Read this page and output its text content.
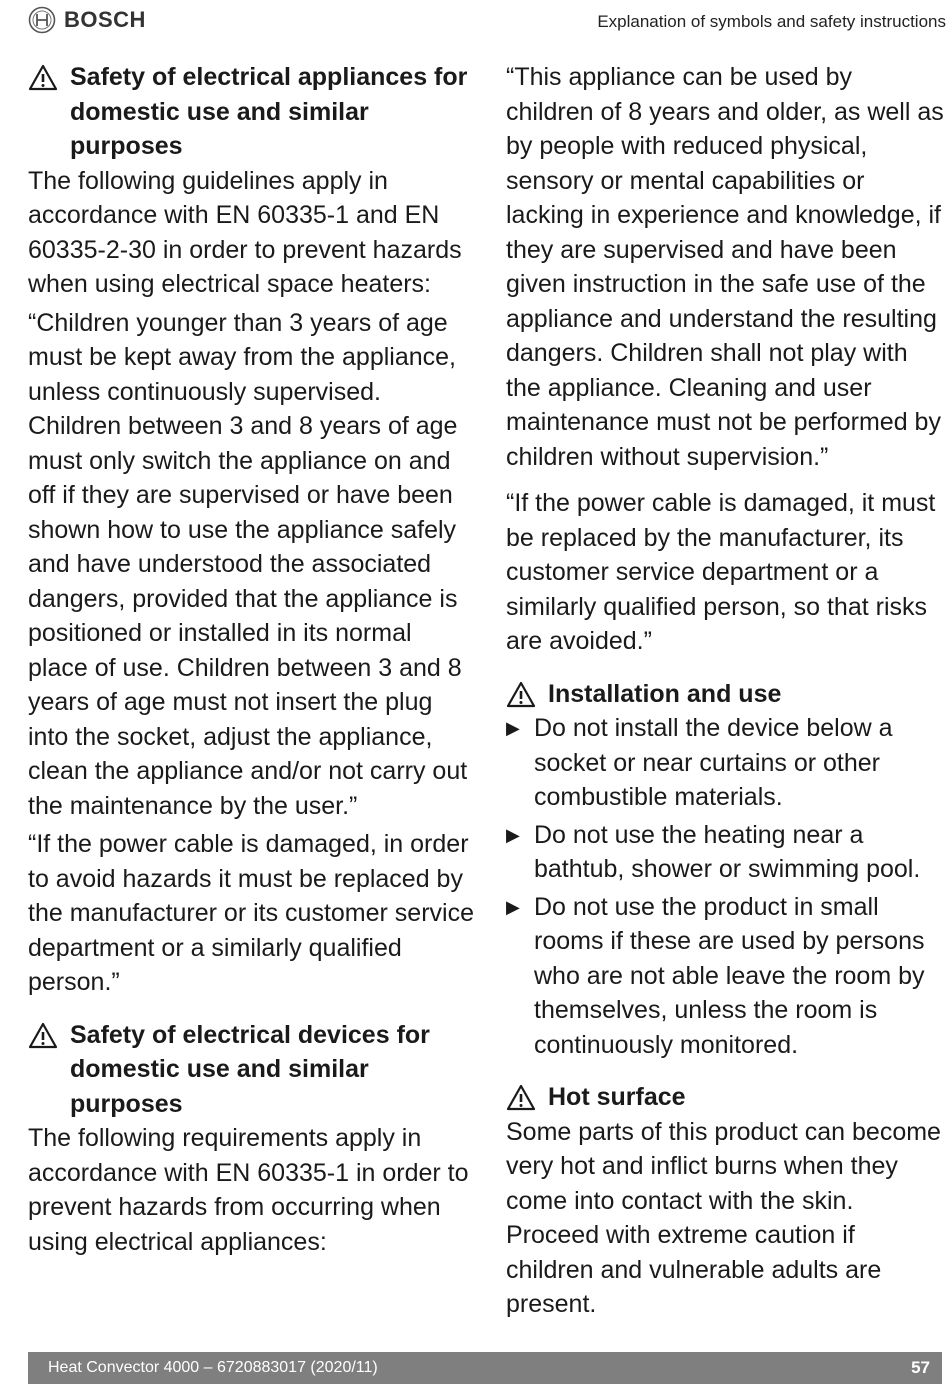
BOSCH	Explanation of symbols and safety instructions
Safety of electrical appliances for domestic use and similar purposes

The following guidelines apply in accordance with EN 60335-1 and EN 60335-2-30 in order to prevent hazards when using electrical space heaters:

“Children younger than 3 years of age must be kept away from the appliance, unless continuously supervised. Children between 3 and 8 years of age must only switch the appliance on and off if they are supervised or have been shown how to use the appliance safely and have understood the associated dangers, provided that the appliance is positioned or installed in its normal place of use. Children between 3 and 8 years of age must not insert the plug into the socket, adjust the appliance, clean the appliance and/or not carry out the maintenance by the user.”

“If the power cable is damaged, in order to avoid hazards it must be replaced by the manufacturer or its customer service department or a similarly qualified person.”

Safety of electrical devices for domestic use and similar purposes

The following requirements apply in accordance with EN 60335-1 in order to prevent hazards from occurring when using electrical appliances:

“This appliance can be used by children of 8 years and older, as well as by people with reduced physical, sensory or mental capabilities or lacking in experience and knowledge, if they are supervised and have been given instruction in the safe use of the appliance and understand the resulting dangers. Children shall not play with the appliance. Cleaning and user maintenance must not be performed by children without supervision.”

“If the power cable is damaged, it must be replaced by the manufacturer, its customer service department or a similarly qualified person, so that risks are avoided.”

Installation and use
▶ Do not install the device below a socket or near curtains or other combustible materials.
▶ Do not use the heating near a bathtub, shower or swimming pool.
▶ Do not use the product in small rooms if these are used by persons who are not able leave the room by themselves, unless the room is continuously monitored.
Hot surface

Some parts of this product can become very hot and inflict burns when they come into contact with the skin. Proceed with extreme caution if children and vulnerable adults are present.

Heat Convector 4000 – 6720883017 (2020/11)	57
